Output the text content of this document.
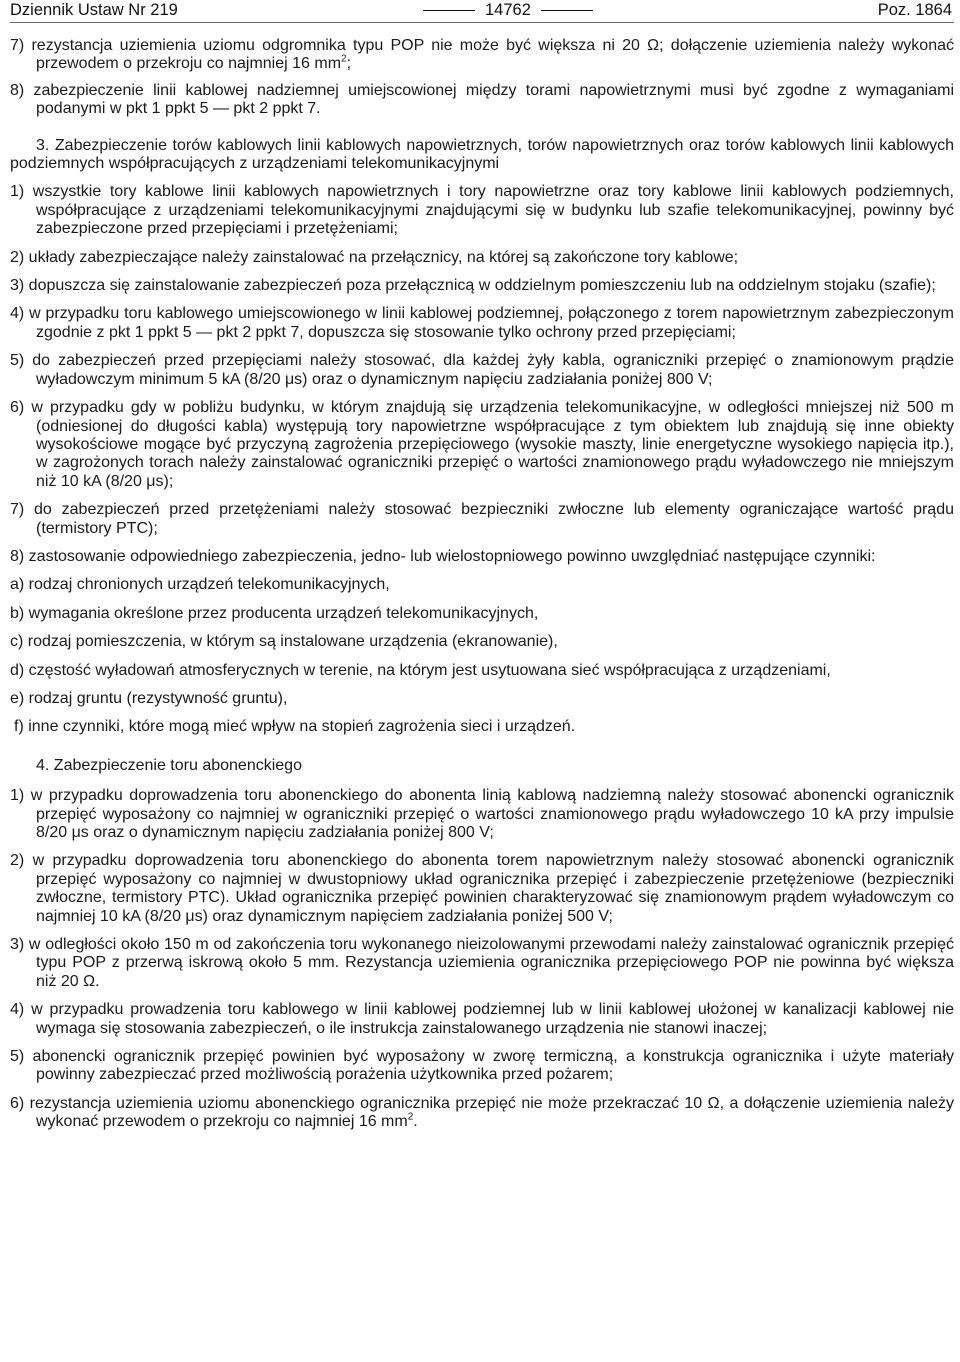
Dziennik Ustaw Nr 219	14762	Poz. 1864

7) rezystancja uziemienia uziomu odgromnika typu POP nie może być większa ni 20 Ω; dołączenie uziemienia należy wykonać przewodem o przekroju co najmniej 16 $mm^2$;

8) zabezpieczenie linii kablowej nadziemnej umiejscowionej między torami napowietrznymi musi być zgodne z wymaganiami podanymi w pkt 1 ppkt 5 — pkt 2 ppkt 7.

3. Zabezpieczenie torów kablowych linii kablowych napowietrznych, torów napowietrznych oraz torów kablowych linii kablowych podziemnych współpracujących z urządzeniami telekomunikacyjnymi

1) wszystkie tory kablowe linii kablowych napowietrznych i tory napowietrzne oraz tory kablowe linii kablowych podziemnych, współpracujące z urządzeniami telekomunikacyjnymi znajdującymi się w budynku lub szafie telekomunikacyjnej, powinny być zabezpieczone przed przepięciami i przetężeniami;

2) układy zabezpieczające należy zainstalować na przełącznicy, na której są zakończone tory kablowe;

3) dopuszcza się zainstalowanie zabezpieczeń poza przełącznicą w oddzielnym pomieszczeniu lub na oddzielnym stojaku (szafie);

4) w przypadku toru kablowego umiejscowionego w linii kablowej podziemnej, połączonego z torem napowietrznym zabezpieczonym zgodnie z pkt 1 ppkt 5 — pkt 2 ppkt 7, dopuszcza się stosowanie tylko ochrony przed przepięciami;

5) do zabezpieczeń przed przepięciami należy stosować, dla każdej żyły kabla, ograniczniki przepięć o znamionowym prądzie wyładowczym minimum 5 kA (8/20 μs) oraz o dynamicznym napięciu zadziałania poniżej 800 V;

6) w przypadku gdy w pobliżu budynku, w którym znajdują się urządzenia telekomunikacyjne, w odległości mniejszej niż 500 m (odniesionej do długości kabla) występują tory napowietrzne współpracujące z tym obiektem lub znajdują się inne obiekty wysokościowe mogące być przyczyną zagrożenia przepięciowego (wysokie maszty, linie energetyczne wysokiego napięcia itp.), w zagrożonych torach należy zainstalować ograniczniki przepięć o wartości znamionowego prądu wyładowczego nie mniejszym niż 10 kA (8/20 μs);

7) do zabezpieczeń przed przetężeniami należy stosować bezpieczniki zwłoczne lub elementy ograniczające wartość prądu (termistory PTC);

8) zastosowanie odpowiedniego zabezpieczenia, jedno- lub wielostopniowego powinno uwzględniać następujące czynniki:

a) rodzaj chronionych urządzeń telekomunikacyjnych,

b) wymagania określone przez producenta urządzeń telekomunikacyjnych,

c) rodzaj pomieszczenia, w którym są instalowane urządzenia (ekranowanie),

d) częstość wyładowań atmosferycznych w terenie, na którym jest usytuowana sieć współpracująca z urządzeniami,

e) rodzaj gruntu (rezystywność gruntu),

f) inne czynniki, które mogą mieć wpływ na stopień zagrożenia sieci i urządzeń.

4. Zabezpieczenie toru abonenckiego

1) w przypadku doprowadzenia toru abonenckiego do abonenta linią kablową nadziemną należy stosować abonencki ogranicznik przepięć wyposażony co najmniej w ograniczniki przepięć o wartości znamionowego prądu wyładowczego 10 kA przy impulsie 8/20 μs oraz o dynamicznym napięciu zadziałania poniżej 800 V;

2) w przypadku doprowadzenia toru abonenckiego do abonenta torem napowietrznym należy stosować abonencki ogranicznik przepięć wyposażony co najmniej w dwustopniowy układ ogranicznika przepięć i zabezpieczenie przetężeniowe (bezpieczniki zwłoczne, termistory PTC). Układ ogranicznika przepięć powinien charakteryzować się znamionowym prądem wyładowczym co najmniej 10 kA (8/20 μs) oraz dynamicznym napięciem zadziałania poniżej 500 V;

3) w odległości około 150 m od zakończenia toru wykonanego nieizolowanymi przewodami należy zainstalować ogranicznik przepięć typu POP z przerwą iskrową około 5 mm. Rezystancja uziemienia ogranicznika przepięciowego POP nie powinna być większa niż 20 Ω.

4) w przypadku prowadzenia toru kablowego w linii kablowej podziemnej lub w linii kablowej ułożonej w kanalizacji kablowej nie wymaga się stosowania zabezpieczeń, o ile instrukcja zainstalowanego urządzenia nie stanowi inaczej;

5) abonencki ogranicznik przepięć powinien być wyposażony w zworę termiczną, a konstrukcja ogranicznika i użyte materiały powinny zabezpieczać przed możliwością porażenia użytkownika przed pożarem;

6) rezystancja uziemienia uziomu abonenckiego ogranicznika przepięć nie może przekraczać 10 Ω, a dołączenie uziemienia należy wykonać przewodem o przekroju co najmniej 16 $mm^2$.
